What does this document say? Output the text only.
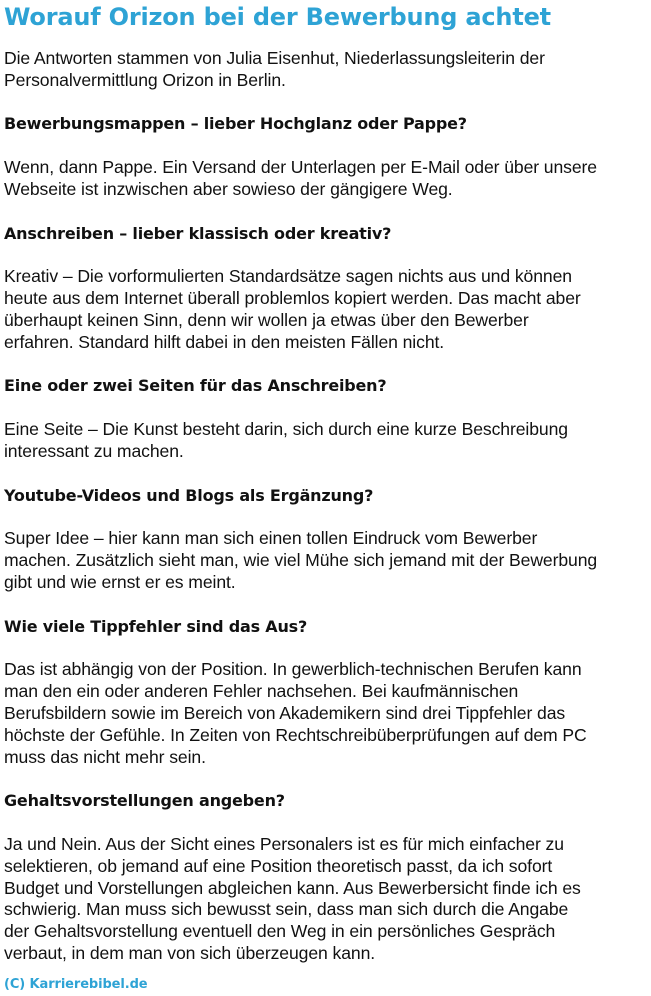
Worauf Orizon bei der Bewerbung achtet

Die Antworten stammen von Julia Eisenhut, Niederlassungsleiterin der
Personalvermittlung Orizon in Berlin.

Bewerbungsmappen – lieber Hochglanz oder Pappe?

Wenn, dann Pappe. Ein Versand der Unterlagen per E-Mail oder über unsere
Webseite ist inzwischen aber sowieso der gängigere Weg.

Anschreiben – lieber klassisch oder kreativ?

Kreativ – Die vorformulierten Standardsätze sagen nichts aus und können
heute aus dem Internet überall problemlos kopiert werden. Das macht aber
überhaupt keinen Sinn, denn wir wollen ja etwas über den Bewerber
erfahren. Standard hilft dabei in den meisten Fällen nicht.

Eine oder zwei Seiten für das Anschreiben?

Eine Seite – Die Kunst besteht darin, sich durch eine kurze Beschreibung
interessant zu machen.

Youtube-Videos und Blogs als Ergänzung?

Super Idee – hier kann man sich einen tollen Eindruck vom Bewerber
machen. Zusätzlich sieht man, wie viel Mühe sich jemand mit der Bewerbung
gibt und wie ernst er es meint.

Wie viele Tippfehler sind das Aus?

Das ist abhängig von der Position. In gewerblich-technischen Berufen kann
man den ein oder anderen Fehler nachsehen. Bei kaufmännischen
Berufsbildern sowie im Bereich von Akademikern sind drei Tippfehler das
höchste der Gefühle. In Zeiten von Rechtschreibüberprüfungen auf dem PC
muss das nicht mehr sein.

Gehaltsvorstellungen angeben?

Ja und Nein. Aus der Sicht eines Personalers ist es für mich einfacher zu
selektieren, ob jemand auf eine Position theoretisch passt, da ich sofort
Budget und Vorstellungen abgleichen kann. Aus Bewerbersicht finde ich es
schwierig. Man muss sich bewusst sein, dass man sich durch die Angabe
der Gehaltsvorstellung eventuell den Weg in ein persönliches Gespräch
verbaut, in dem man von sich überzeugen kann.

(C) Karrierebibel.de
